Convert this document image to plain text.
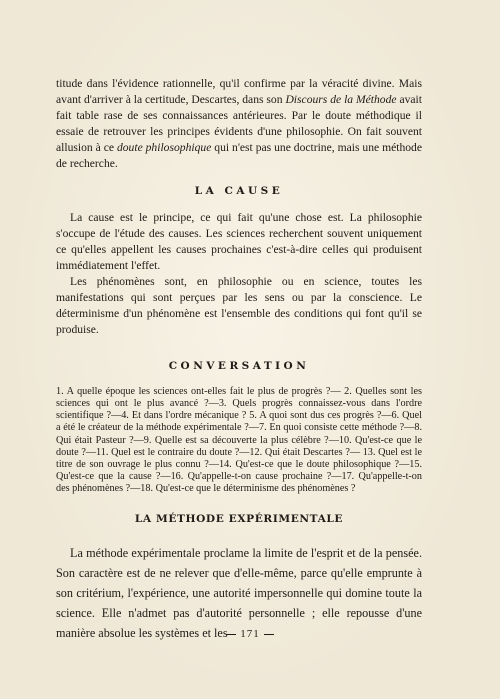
titude dans l'évidence rationnelle, qu'il confirme par la véracité divine. Mais avant d'arriver à la certitude, Descartes, dans son Discours de la Méthode avait fait table rase de ses connaissances antérieures. Par le doute méthodique il essaie de retrouver les principes évidents d'une philosophie. On fait souvent allusion à ce doute philosophique qui n'est pas une doctrine, mais une méthode de recherche.

LA CAUSE

La cause est le principe, ce qui fait qu'une chose est. La philosophie s'occupe de l'étude des causes. Les sciences recherchent souvent uniquement ce qu'elles appellent les causes prochaines c'est-à-dire celles qui produisent immédiatement l'effet.

Les phénomènes sont, en philosophie ou en science, toutes les manifestations qui sont perçues par les sens ou par la conscience. Le déterminisme d'un phénomène est l'ensemble des conditions qui font qu'il se produise.

CONVERSATION

1. A quelle époque les sciences ont-elles fait le plus de progrès ?— 2. Quelles sont les sciences qui ont le plus avancé ?—3. Quels progrès connaissez-vous dans l'ordre scientifique ?—4. Et dans l'ordre mécanique ? 5. A quoi sont dus ces progrès ?—6. Quel a été le créateur de la méthode expérimentale ?—7. En quoi consiste cette méthode ?—8. Qui était Pasteur ?—9. Quelle est sa découverte la plus célèbre ?—10. Qu'est-ce que le doute ?—11. Quel est le contraire du doute ?—12. Qui était Descartes ?— 13. Quel est le titre de son ouvrage le plus connu ?—14. Qu'est-ce que le doute philosophique ?—15. Qu'est-ce que la cause ?—16. Qu'appelle-t-on cause prochaine ?—17. Qu'appelle-t-on des phénomènes ?—18. Qu'est-ce que le déterminisme des phénomènes ?

LA MÉTHODE EXPÉRIMENTALE

La méthode expérimentale proclame la limite de l'esprit et de la pensée. Son caractère est de ne relever que d'elle-même, parce qu'elle emprunte à son critérium, l'expérience, une autorité impersonnelle qui domine toute la science. Elle n'admet pas d'autorité personnelle ; elle repousse d'une manière absolue les systèmes et les	171
